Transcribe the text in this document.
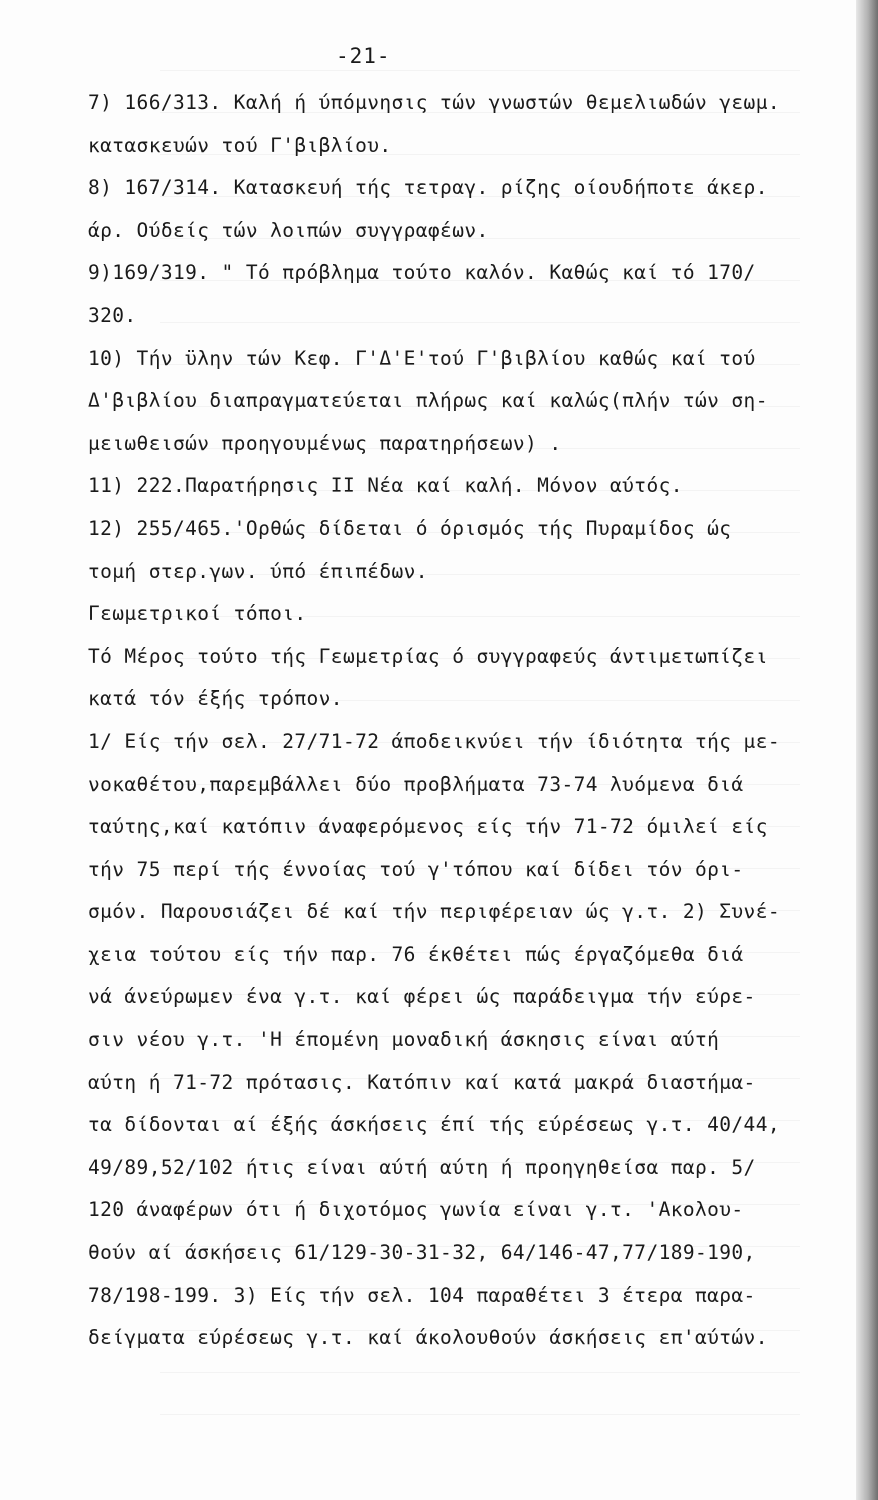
-21-
7) 166/313. Καλή ή ύπόμνησις τών γνωστών θεμελιωδών γεωμ.
κατασκευών τού Γ'βιβλίου.
8) 167/314. Κατασκευή τής τετραγ. ρίζης οίουδήποτε άκερ.
άρ. Ούδείς τών λοιπών συγγραφέων.
9)169/319. " Τό πρόβλημα τούτο καλόν. Καθώς καί τό 170/
320.
10) Τήν ϋλην τών Κεφ. Γ'Δ'Ε'τού Γ'βιβλίου καθώς καί τού
Δ'βιβλίου διαπραγματεύεται πλήρως καί καλώς(πλήν τών ση-
μειωθεισών προηγουμένως παρατηρήσεων) .
11) 222.Παρατήρησις ΙΙ Νέα καί καλή. Μόνον αύτός.
12) 255/465.'Ορθώς δίδεται ό όρισμός τής Πυραμίδος ώς
τομή στερ.γων. ύπό έπιπέδων.
Γεωμετρικοί τόποι.
Τό Μέρος τούτο τής Γεωμετρίας ό συγγραφεύς άντιμετωπίζει
κατά τόν έξής τρόπον.
1/ Είς τήν σελ. 27/71-72 άποδεικνύει τήν ίδιότητα τής με-
νοκαθέτου,παρεμβάλλει δύο προβλήματα 73-74 λυόμενα διά
ταύτης,καί κατόπιν άναφερόμενος είς τήν 71-72 όμιλεί είς
τήν 75 περί τής έννοίας τού γ'τόπου καί δίδει τόν όρι-
σμόν. Παρουσιάζει δέ καί τήν περιφέρειαν ώς γ.τ. 2) Συνέ-
χεια τούτου είς τήν παρ. 76 έκθέτει πώς έργαζόμεθα διά
νά άνεύρωμεν ένα γ.τ. καί φέρει ώς παράδειγμα τήν εύρε-
σιν νέου γ.τ. 'Η έπομένη μοναδική άσκησις είναι αύτή
αύτη ή 71-72 πρότασις. Κατόπιν καί κατά μακρά διαστήμα-
τα δίδονται αί έξής άσκήσεις έπί τής εύρέσεως γ.τ. 40/44,
49/89,52/102 ήτις είναι αύτή αύτη ή προηγηθείσα παρ. 5/
120 άναφέρων ότι ή διχοτόμος γωνία είναι γ.τ. 'Ακολου-
θούν αί άσκήσεις 61/129-30-31-32, 64/146-47,77/189-190,
78/198-199. 3) Είς τήν σελ. 104 παραθέτει 3 έτερα παρα-
δείγματα εύρέσεως γ.τ. καί άκολουθούν άσκήσεις επ'αύτών.
